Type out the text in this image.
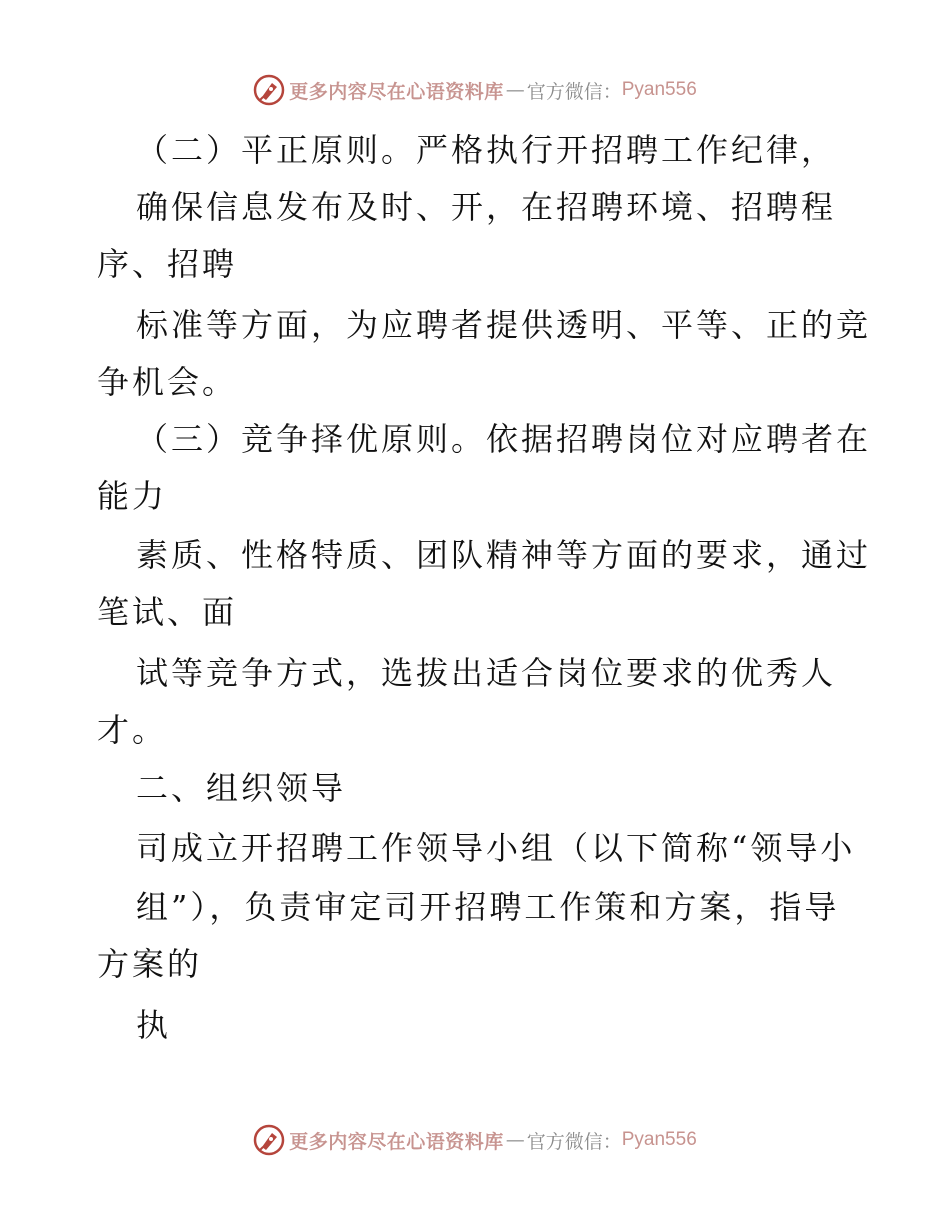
更多内容尽在心语资料库 — 官方微信： Pyan556
（二）平正原则。严格执行开招聘工作纪律，
确保信息发布及时、开，在招聘环境、招聘程
序、招聘
标准等方面，为应聘者提供透明、平等、正的竞
争机会。
（三）竞争择优原则。依据招聘岗位对应聘者在
能力
素质、性格特质、团队精神等方面的要求，通过
笔试、面
试等竞争方式，选拔出适合岗位要求的优秀人
才。
二、组织领导
司成立开招聘工作领导小组（以下简称“领导小
组”），负责审定司开招聘工作策和方案，指导
方案的
执
更多内容尽在心语资料库 — 官方微信： Pyan556
